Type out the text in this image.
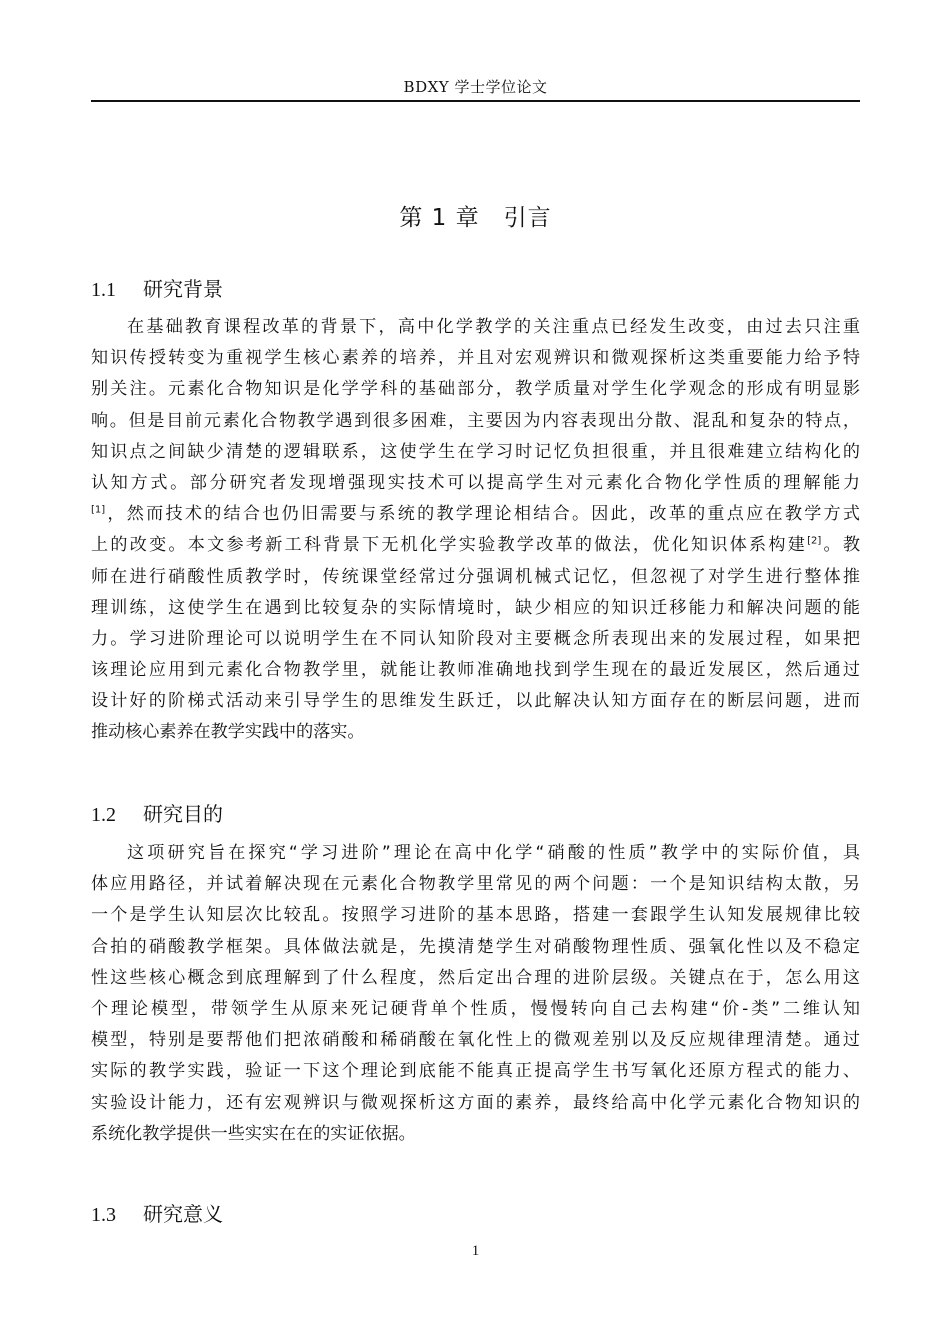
BDXY 学士学位论文
第 1 章　引言
1.1 研究背景
在基础教育课程改革的背景下，高中化学教学的关注重点已经发生改变，由过去只注重
知识传授转变为重视学生核心素养的培养，并且对宏观辨识和微观探析这类重要能力给予特
别关注。元素化合物知识是化学学科的基础部分，教学质量对学生化学观念的形成有明显影
响。但是目前元素化合物教学遇到很多困难，主要因为内容表现出分散、混乱和复杂的特点，
知识点之间缺少清楚的逻辑联系，这使学生在学习时记忆负担很重，并且很难建立结构化的
认知方式。部分研究者发现增强现实技术可以提高学生对元素化合物化学性质的理解能力
[1]，然而技术的结合也仍旧需要与系统的教学理论相结合。因此，改革的重点应在教学方式
上的改变。本文参考新工科背景下无机化学实验教学改革的做法，优化知识体系构建[2]。教
师在进行硝酸性质教学时，传统课堂经常过分强调机械式记忆，但忽视了对学生进行整体推
理训练，这使学生在遇到比较复杂的实际情境时，缺少相应的知识迁移能力和解决问题的能
力。学习进阶理论可以说明学生在不同认知阶段对主要概念所表现出来的发展过程，如果把
该理论应用到元素化合物教学里，就能让教师准确地找到学生现在的最近发展区，然后通过
设计好的阶梯式活动来引导学生的思维发生跃迁，以此解决认知方面存在的断层问题，进而
推动核心素养在教学实践中的落实。
1.2 研究目的
这项研究旨在探究“学习进阶”理论在高中化学“硝酸的性质”教学中的实际价值，具
体应用路径，并试着解决现在元素化合物教学里常见的两个问题：一个是知识结构太散，另
一个是学生认知层次比较乱。按照学习进阶的基本思路，搭建一套跟学生认知发展规律比较
合拍的硝酸教学框架。具体做法就是，先摸清楚学生对硝酸物理性质、强氧化性以及不稳定
性这些核心概念到底理解到了什么程度，然后定出合理的进阶层级。关键点在于，怎么用这
个理论模型，带领学生从原来死记硬背单个性质，慢慢转向自己去构建“价-类”二维认知
模型，特别是要帮他们把浓硝酸和稀硝酸在氧化性上的微观差别以及反应规律理清楚。通过
实际的教学实践，验证一下这个理论到底能不能真正提高学生书写氧化还原方程式的能力、
实验设计能力，还有宏观辨识与微观探析这方面的素养，最终给高中化学元素化合物知识的
系统化教学提供一些实实在在的实证依据。
1.3 研究意义
1
